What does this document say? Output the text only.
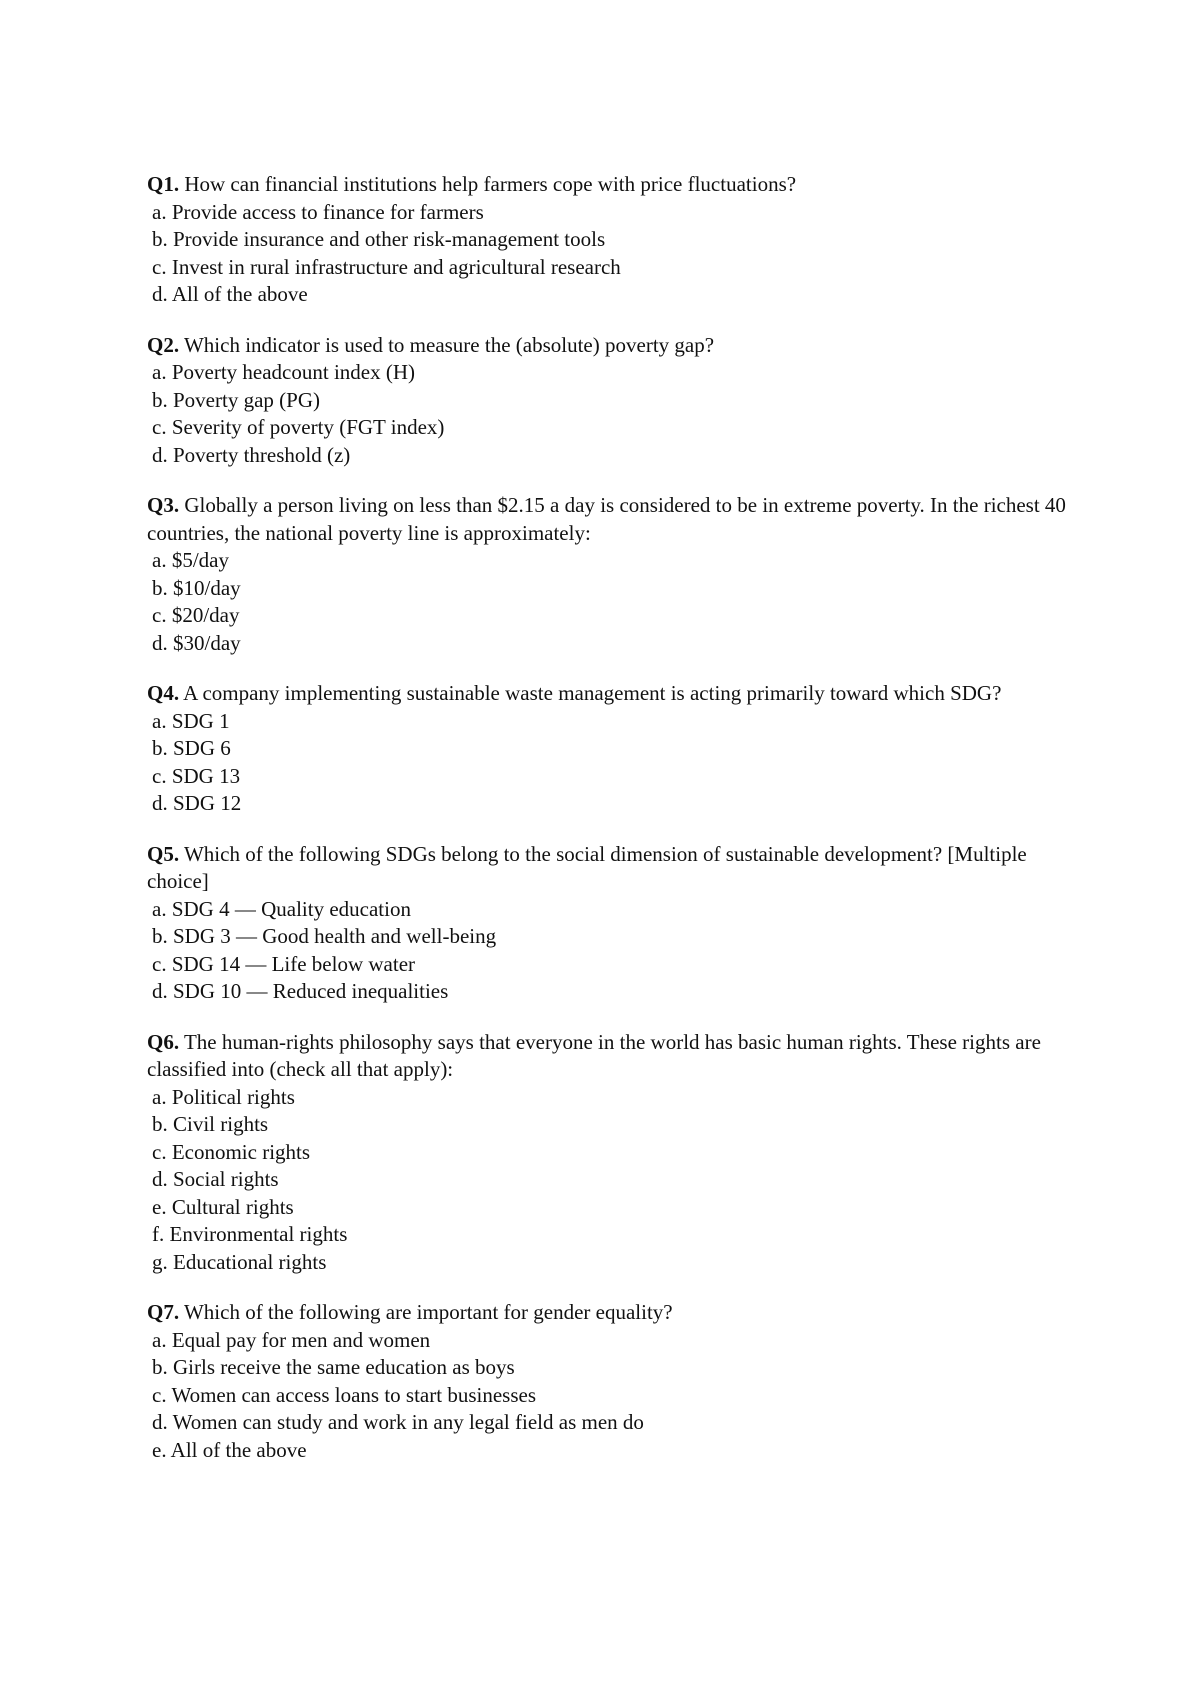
Q1. How can financial institutions help farmers cope with price fluctuations?

a. Provide access to finance for farmers
b. Provide insurance and other risk-management tools
c. Invest in rural infrastructure and agricultural research
d. All of the above

Q2. Which indicator is used to measure the (absolute) poverty gap?

a. Poverty headcount index (H)
b. Poverty gap (PG)
c. Severity of poverty (FGT index)
d. Poverty threshold (z)

Q3. Globally a person living on less than $2.15 a day is considered to be in extreme poverty. In the richest 40 countries, the national poverty line is approximately:

a. $5/day
b. $10/day
c. $20/day
d. $30/day

Q4. A company implementing sustainable waste management is acting primarily toward which SDG?

a. SDG 1
b. SDG 6
c. SDG 13
d. SDG 12

Q5. Which of the following SDGs belong to the social dimension of sustainable development? [Multiple choice]

a. SDG 4 — Quality education
b. SDG 3 — Good health and well-being
c. SDG 14 — Life below water
d. SDG 10 — Reduced inequalities

Q6. The human-rights philosophy says that everyone in the world has basic human rights. These rights are classified into (check all that apply):

a. Political rights
b. Civil rights
c. Economic rights
d. Social rights
e. Cultural rights
f. Environmental rights
g. Educational rights

Q7. Which of the following are important for gender equality?

a. Equal pay for men and women
b. Girls receive the same education as boys
c. Women can access loans to start businesses
d. Women can study and work in any legal field as men do
e. All of the above
